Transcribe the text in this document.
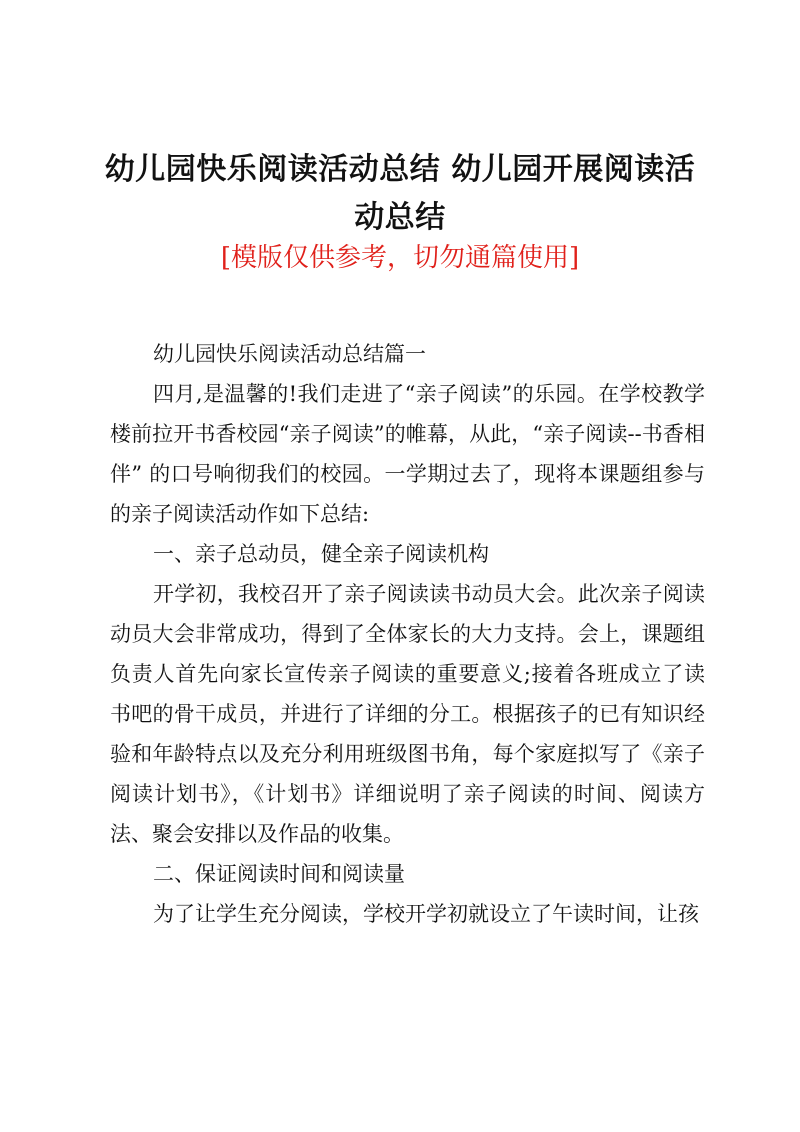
幼儿园快乐阅读活动总结 幼儿园开展阅读活动总结
[模版仅供参考，切勿通篇使用]

幼儿园快乐阅读活动总结篇一

四月,是温馨的!我们走进了“亲子阅读”的乐园。在学校教学楼前拉开书香校园“亲子阅读”的帷幕，从此，“亲子阅读--书香相伴” 的口号响彻我们的校园。一学期过去了，现将本课题组参与的亲子阅读活动作如下总结:

一、亲子总动员，健全亲子阅读机构

开学初，我校召开了亲子阅读读书动员大会。此次亲子阅读动员大会非常成功，得到了全体家长的大力支持。会上，课题组负责人首先向家长宣传亲子阅读的重要意义;接着各班成立了读书吧的骨干成员，并进行了详细的分工。根据孩子的已有知识经验和年龄特点以及充分利用班级图书角，每个家庭拟写了《亲子阅读计划书》，《计划书》详细说明了亲子阅读的时间、阅读方法、聚会安排以及作品的收集。

二、保证阅读时间和阅读量

为了让学生充分阅读，学校开学初就设立了午读时间，让孩
